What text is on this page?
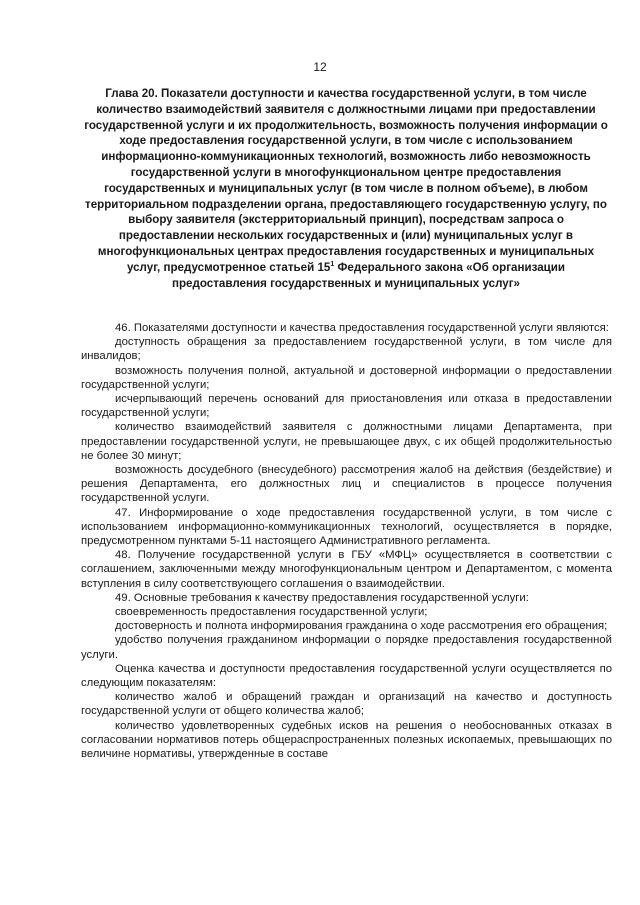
12
Глава 20. Показатели доступности и качества государственной услуги, в том числе количество взаимодействий заявителя с должностными лицами при предоставлении государственной услуги и их продолжительность, возможность получения информации о ходе предоставления государственной услуги, в том числе с использованием информационно-коммуникационных технологий, возможность либо невозможность государственной услуги в многофункциональном центре предоставления государственных и муниципальных услуг (в том числе в полном объеме), в любом территориальном подразделении органа, предоставляющего государственную услугу, по выбору заявителя (экстерриториальный принцип), посредствам запроса о предоставлении нескольких государственных и (или) муниципальных услуг в многофункциональных центрах предоставления государственных и муниципальных услуг, предусмотренное статьей $15^1$ Федерального закона «Об организации предоставления государственных и муниципальных услуг»

46. Показателями доступности и качества предоставления государственной услуги являются:

доступность обращения за предоставлением государственной услуги, в том числе для инвалидов;

возможность получения полной, актуальной и достоверной информации о предоставлении государственной услуги;

исчерпывающий перечень оснований для приостановления или отказа в предоставлении государственной услуги;

количество взаимодействий заявителя с должностными лицами Департамента, при предоставлении государственной услуги, не превышающее двух, с их общей продолжительностью не более 30 минут;

возможность досудебного (внесудебного) рассмотрения жалоб на действия (бездействие) и решения Департамента, его должностных лиц и специалистов в процессе получения государственной услуги.

47. Информирование о ходе предоставления государственной услуги, в том числе с использованием информационно-коммуникационных технологий, осуществляется в порядке, предусмотренном пунктами 5-11 настоящего Административного регламента.

48. Получение государственной услуги в ГБУ «МФЦ» осуществляется в соответствии с соглашением, заключенными между многофункциональным центром и Департаментом, с момента вступления в силу соответствующего соглашения о взаимодействии.

49. Основные требования к качеству предоставления государственной услуги:

своевременность предоставления государственной услуги;

достоверность и полнота информирования гражданина о ходе рассмотрения его обращения;

удобство получения гражданином информации о порядке предоставления государственной услуги.

Оценка качества и доступности предоставления государственной услуги осуществляется по следующим показателям:

количество жалоб и обращений граждан и организаций на качество и доступность государственной услуги от общего количества жалоб;

количество удовлетворенных судебных исков на решения о необоснованных отказах в согласовании нормативов потерь общераспространенных полезных ископаемых, превышающих по величине нормативы, утвержденные в составе
